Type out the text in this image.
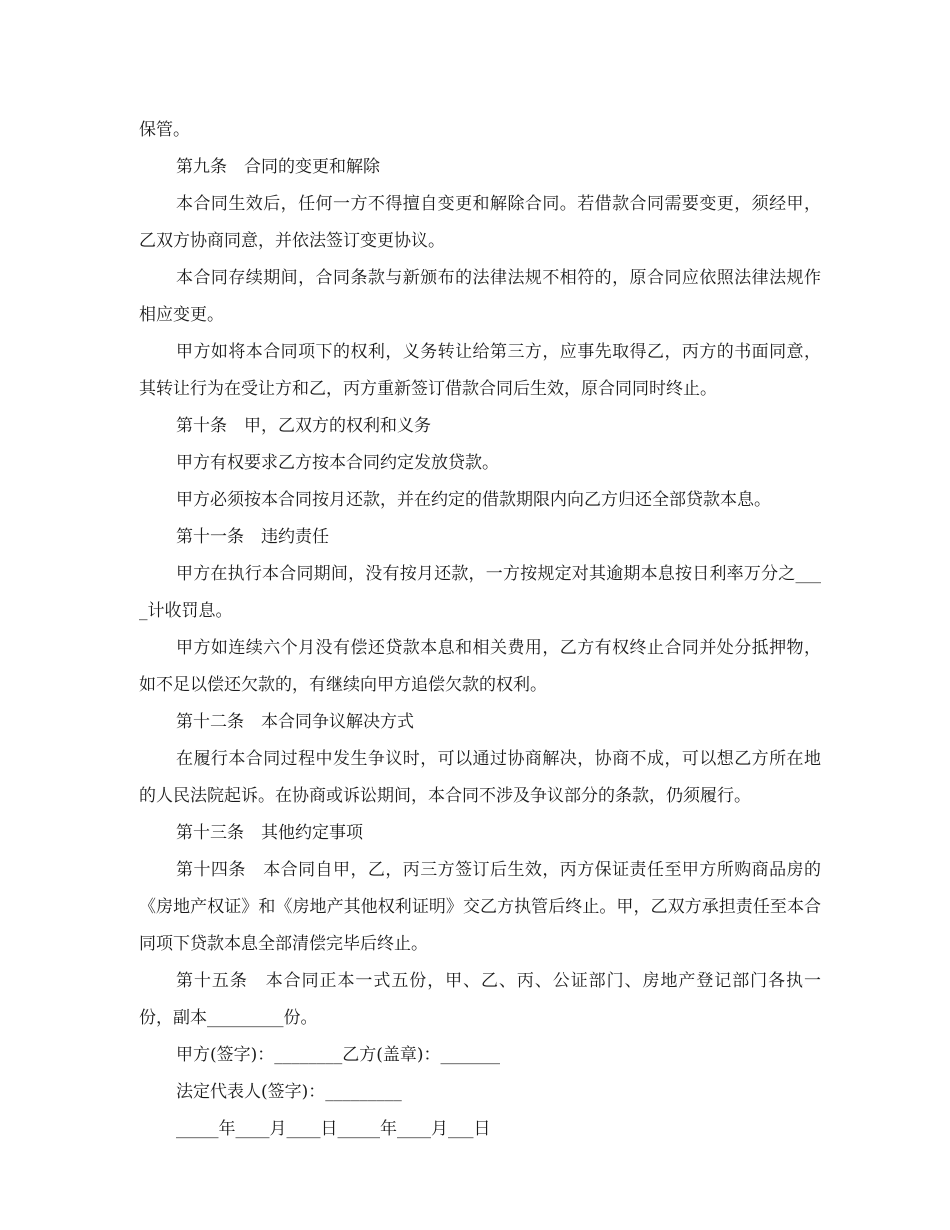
保管。

第九条　合同的变更和解除

本合同生效后，任何一方不得擅自变更和解除合同。若借款合同需要变更，须经甲，乙双方协商同意，并依法签订变更协议。

本合同存续期间，合同条款与新颁布的法律法规不相符的，原合同应依照法律法规作相应变更。

甲方如将本合同项下的权利，义务转让给第三方，应事先取得乙，丙方的书面同意，其转让行为在受让方和乙，丙方重新签订借款合同后生效，原合同同时终止。

第十条　甲，乙双方的权利和义务

甲方有权要求乙方按本合同约定发放贷款。

甲方必须按本合同按月还款，并在约定的借款期限内向乙方归还全部贷款本息。

第十一条　违约责任

甲方在执行本合同期间，没有按月还款，一方按规定对其逾期本息按日利率万分之____计收罚息。

甲方如连续六个月没有偿还贷款本息和相关费用，乙方有权终止合同并处分抵押物，如不足以偿还欠款的，有继续向甲方追偿欠款的权利。

第十二条　本合同争议解决方式

在履行本合同过程中发生争议时，可以通过协商解决，协商不成，可以想乙方所在地的人民法院起诉。在协商或诉讼期间，本合同不涉及争议部分的条款，仍须履行。

第十三条　其他约定事项

第十四条　本合同自甲，乙，丙三方签订后生效，丙方保证责任至甲方所购商品房的《房地产权证》和《房地产其他权利证明》交乙方执管后终止。甲，乙双方承担责任至本合同项下贷款本息全部清偿完毕后终止。

第十五条　本合同正本一式五份，甲、乙、丙、公证部门、房地产登记部门各执一份，副本_________份。

甲方(签字)：________乙方(盖章)：_______

法定代表人(签字)：_________

_____年____月____日_____年____月___日
